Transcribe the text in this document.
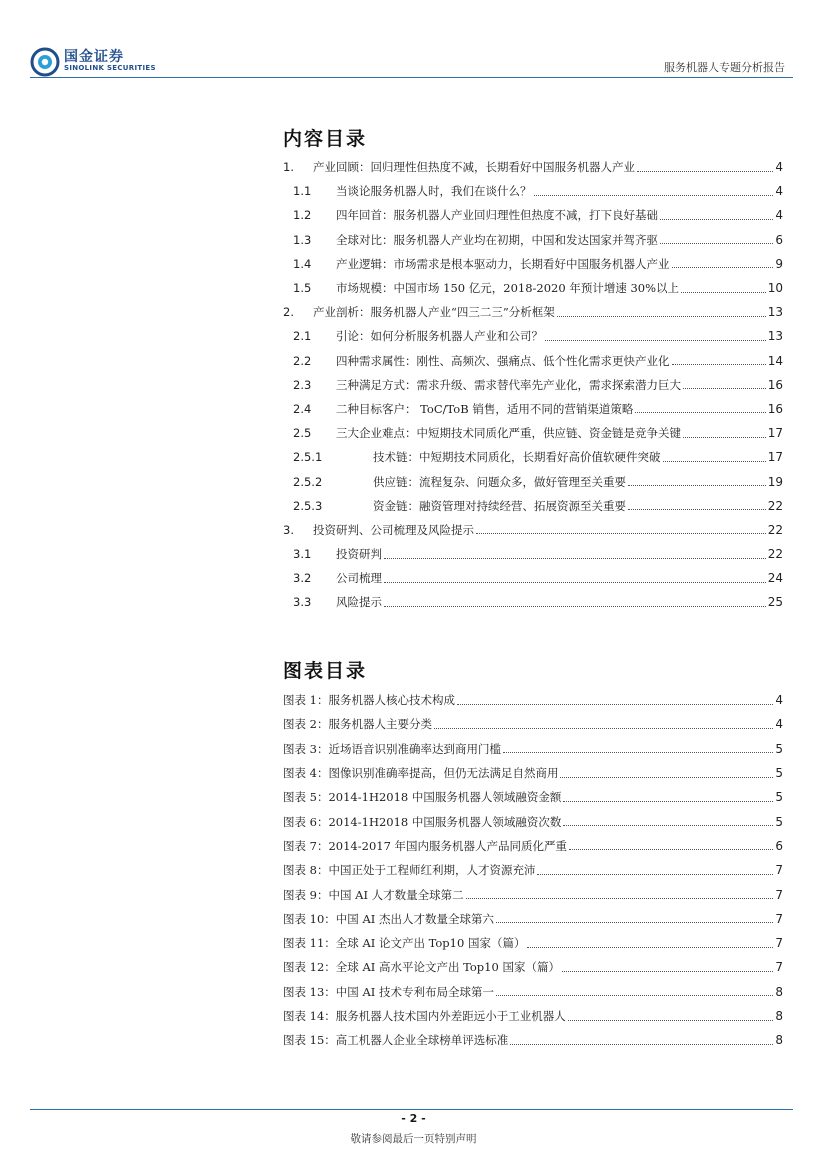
国金证券
SINOLINK SECURITIES	服务机器人专题分析报告
内容目录
1.	产业回顾：回归理性但热度不减，长期看好中国服务机器人产业	4
1.1	当谈论服务机器人时，我们在谈什么？	4
1.2	四年回首：服务机器人产业回归理性但热度不减，打下良好基础	4
1.3	全球对比：服务机器人产业均在初期，中国和发达国家并驾齐驱	6
1.4	产业逻辑：市场需求是根本驱动力，长期看好中国服务机器人产业	9
1.5	市场规模：中国市场 150 亿元，2018-2020 年预计增速 30%以上	10
2.	产业剖析：服务机器人产业“四三二三”分析框架	13
2.1	引论：如何分析服务机器人产业和公司？	13
2.2	四种需求属性：刚性、高频次、强痛点、低个性化需求更快产业化	14
2.3	三种满足方式：需求升级、需求替代率先产业化，需求探索潜力巨大	16
2.4	二种目标客户： ToC/ToB 销售，适用不同的营销渠道策略	16
2.5	三大企业难点：中短期技术同质化严重，供应链、资金链是竞争关键	17
2.5.1	技术链：中短期技术同质化，长期看好高价值软硬件突破	17
2.5.2	供应链：流程复杂、问题众多，做好管理至关重要	19
2.5.3	资金链：融资管理对持续经营、拓展资源至关重要	22
3.	投资研判、公司梳理及风险提示	22
3.1	投资研判	22
3.2	公司梳理	24
3.3	风险提示	25
图表目录
图表 1： 服务机器人核心技术构成	4
图表 2： 服务机器人主要分类	4
图表 3： 近场语音识别准确率达到商用门槛	5
图表 4： 图像识别准确率提高，但仍无法满足自然商用	5
图表 5： 2014-1H2018 中国服务机器人领域融资金额	5
图表 6： 2014-1H2018 中国服务机器人领域融资次数	5
图表 7： 2014-2017 年国内服务机器人产品同质化严重	6
图表 8： 中国正处于工程师红利期，人才资源充沛	7
图表 9： 中国 AI 人才数量全球第二	7
图表 10： 中国 AI 杰出人才数量全球第六	7
图表 11： 全球 AI 论文产出 Top10 国家（篇）	7
图表 12： 全球 AI 高水平论文产出 Top10 国家（篇）	7
图表 13： 中国 AI 技术专利布局全球第一	8
图表 14： 服务机器人技术国内外差距远小于工业机器人	8
图表 15： 高工机器人企业全球榜单评选标准	8
- 2 -
敬请参阅最后一页特别声明
